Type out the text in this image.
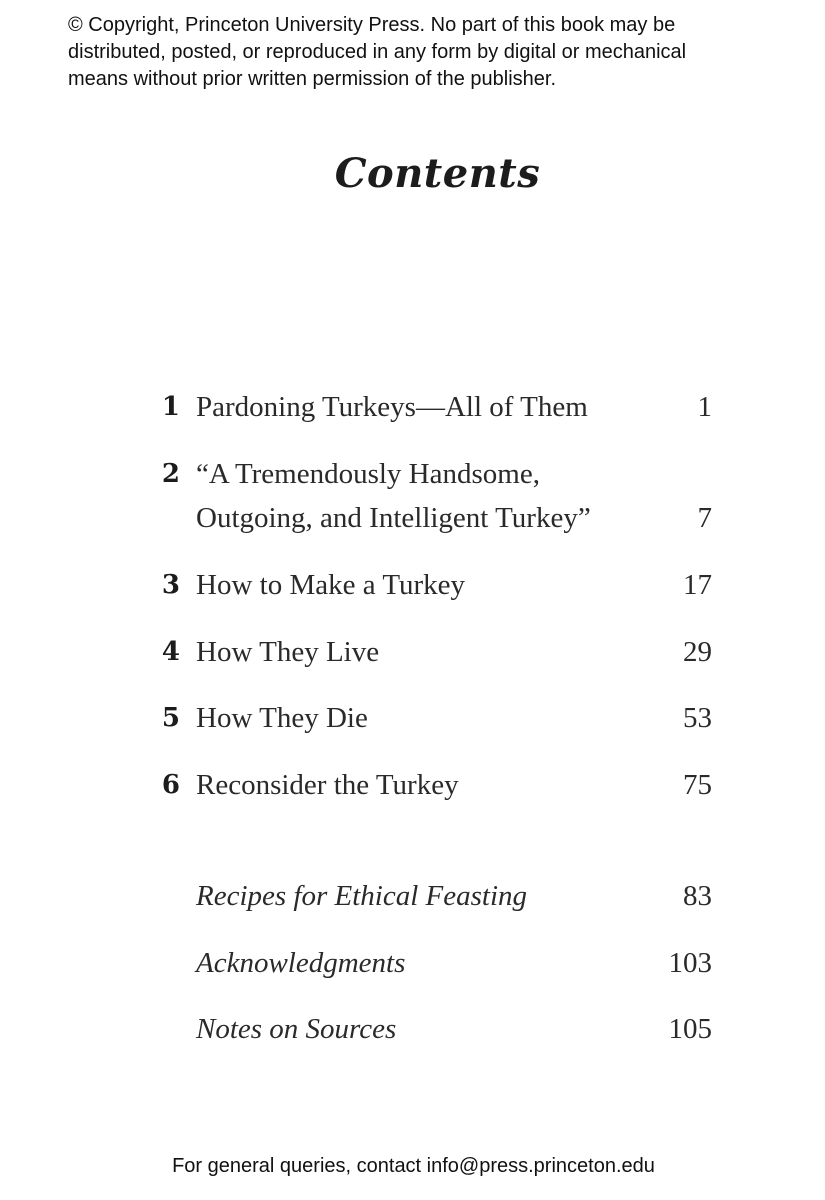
© Copyright, Princeton University Press. No part of this book may be
distributed, posted, or reproduced in any form by digital or mechanical
means without prior written permission of the publisher.
Contents
1 Pardoning Turkeys—All of Them	1
2 “A Tremendously Handsome,
Outgoing, and Intelligent Turkey”	7
3 How to Make a Turkey	17
4 How They Live	29
5 How They Die	53
6 Reconsider the Turkey	75
Recipes for Ethical Feasting	83
Acknowledgments	103
Notes on Sources	105
For general queries, contact info@press.princeton.edu
